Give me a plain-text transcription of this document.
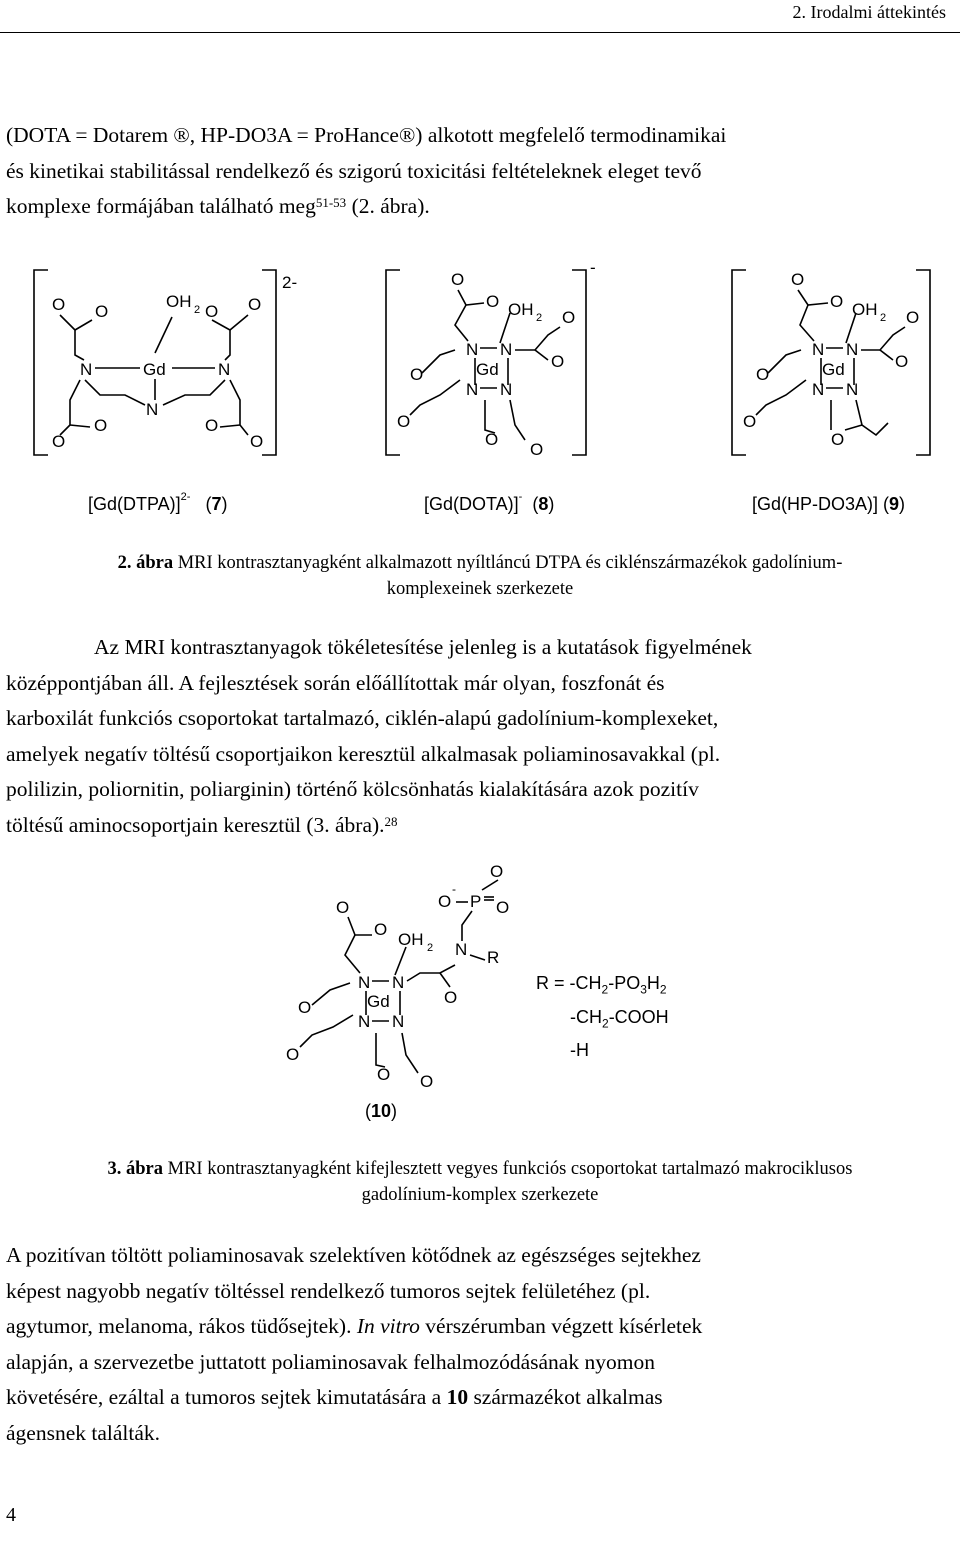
2. Irodalmi áttekintés
(DOTA = Dotarem ®, HP-DO3A = ProHance®) alkotott megfelelő termodinamikai
és kinetikai stabilitással rendelkező és szigorú toxicitási feltételeknek eleget tevő
komplexe formájában található meg$^{51-53}$ (2. ábra).
2-
O O
OH 2 O O
N	Gd	N
N
O
O	O
O
-
O
O OH 2 O
N N
Gd
N N
O
O
O
O
O
O
O OH 2 O
N N
Gd
N N
O
O
O
O
[Gd(DTPA)]$^{2-}$   (7)	[Gd(DOTA)]-  (8)	[Gd(HP-DO3A)] (9)
2. ábra MRI kontrasztanyagként alkalmazott nyíltláncú DTPA és ciklénszármazékok gadolínium-
komplexeinek szerkezete
Az MRI kontrasztanyagok tökéletesítése jelenleg is a kutatások figyelmének
középpontjában áll. A fejlesztések során előállítottak már olyan, foszfonát és
karboxilát funkciós csoportokat tartalmazó, ciklén-alapú gadolínium-komplexeket,
amelyek negatív töltésű csoportjaikon keresztül alkalmasak poliaminosavakkal (pl.
polilizin, poliornitin, poliarginin) történő kölcsönhatás kialakítására azok pozitív
töltésű aminocsoportjain keresztül (3. ábra).$^{28}$
O
O
-
P O
O
O
OH 2 N R
N N
Gd
N N
O
O
O
O O
(10)
$R = -CH_2-PO_3H_2$
$-CH_2$-COOH
-H
3. ábra MRI kontrasztanyagként kifejlesztett vegyes funkciós csoportokat tartalmazó makrociklusos
gadolínium-komplex szerkezete
A pozitívan töltött poliaminosavak szelektíven kötődnek az egészséges sejtekhez
képest nagyobb negatív töltéssel rendelkező tumoros sejtek felületéhez (pl.
agytumor, melanoma, rákos tüdősejtek). In vitro vérszérumban végzett kísérletek
alapján, a szervezetbe juttatott poliaminosavak felhalmozódásának nyomon
követésére, ezáltal a tumoros sejtek kimutatására a 10 származékot alkalmas
ágensnek találták.
4
